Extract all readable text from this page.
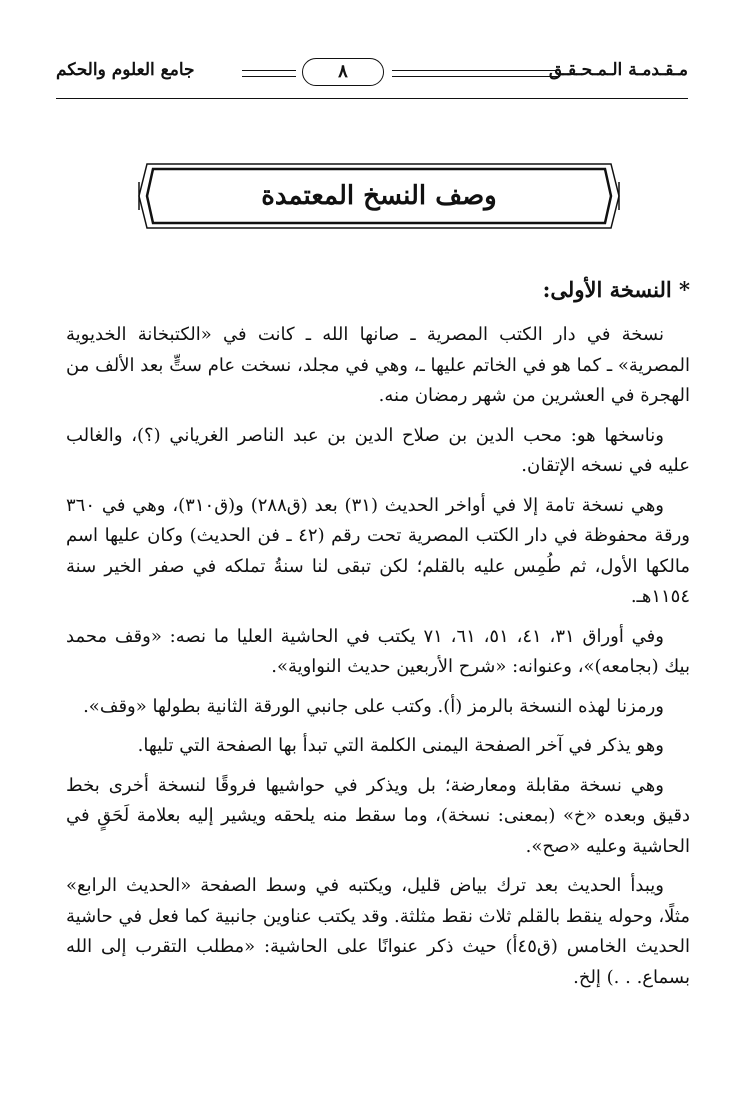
مـقـدمـة الـمـحـقـق
٨
جامع العلوم والحكم
وصف النسخ المعتمدة
* النسخة الأولى:

نسخة في دار الكتب المصرية ـ صانها الله ـ كانت في «الكتبخانة الخديوية المصرية» ـ كما هو في الخاتم عليها ـ، وهي في مجلد، نسخت عام ستٍّ بعد الألف من الهجرة في العشرين من شهر رمضان منه.

وناسخها هو: محب الدين بن صلاح الدين بن عبد الناصر الغرياني (؟)، والغالب عليه في نسخه الإتقان.

وهي نسخة تامة إلا في أواخر الحديث (٣١) بعد (ق٢٨٨) و(ق٣١٠)، وهي في ٣٦٠ ورقة محفوظة في دار الكتب المصرية تحت رقم (٤٢ ـ فن الحديث) وكان عليها اسم مالكها الأول، ثم طُمِس عليه بالقلم؛ لكن تبقى لنا سنةُ تملكه في صفر الخير سنة ١١٥٤هـ.

وفي أوراق ٣١، ٤١، ٥١، ٦١، ٧١ يكتب في الحاشية العليا ما نصه: «وقف محمد بيك (بجامعه)»، وعنوانه: «شرح الأربعين حديث النواوية».

ورمزنا لهذه النسخة بالرمز (أ). وكتب على جانبي الورقة الثانية بطولها «وقف».

وهو يذكر في آخر الصفحة اليمنى الكلمة التي تبدأ بها الصفحة التي تليها.

وهي نسخة مقابلة ومعارضة؛ بل ويذكر في حواشيها فروقًا لنسخة أخرى بخط دقيق وبعده «خ» (بمعنى: نسخة)، وما سقط منه يلحقه ويشير إليه بعلامة لَحَقٍ في الحاشية وعليه «صح».

ويبدأ الحديث بعد ترك بياض قليل، ويكتبه في وسط الصفحة «الحديث الرابع» مثلًا، وحوله ينقط بالقلم ثلاث نقط مثلثة. وقد يكتب عناوين جانبية كما فعل في حاشية الحديث الخامس (ق٤٥أ) حيث ذكر عنوانًا على الحاشية: «مطلب التقرب إلى الله بسماع. . .) إلخ.
